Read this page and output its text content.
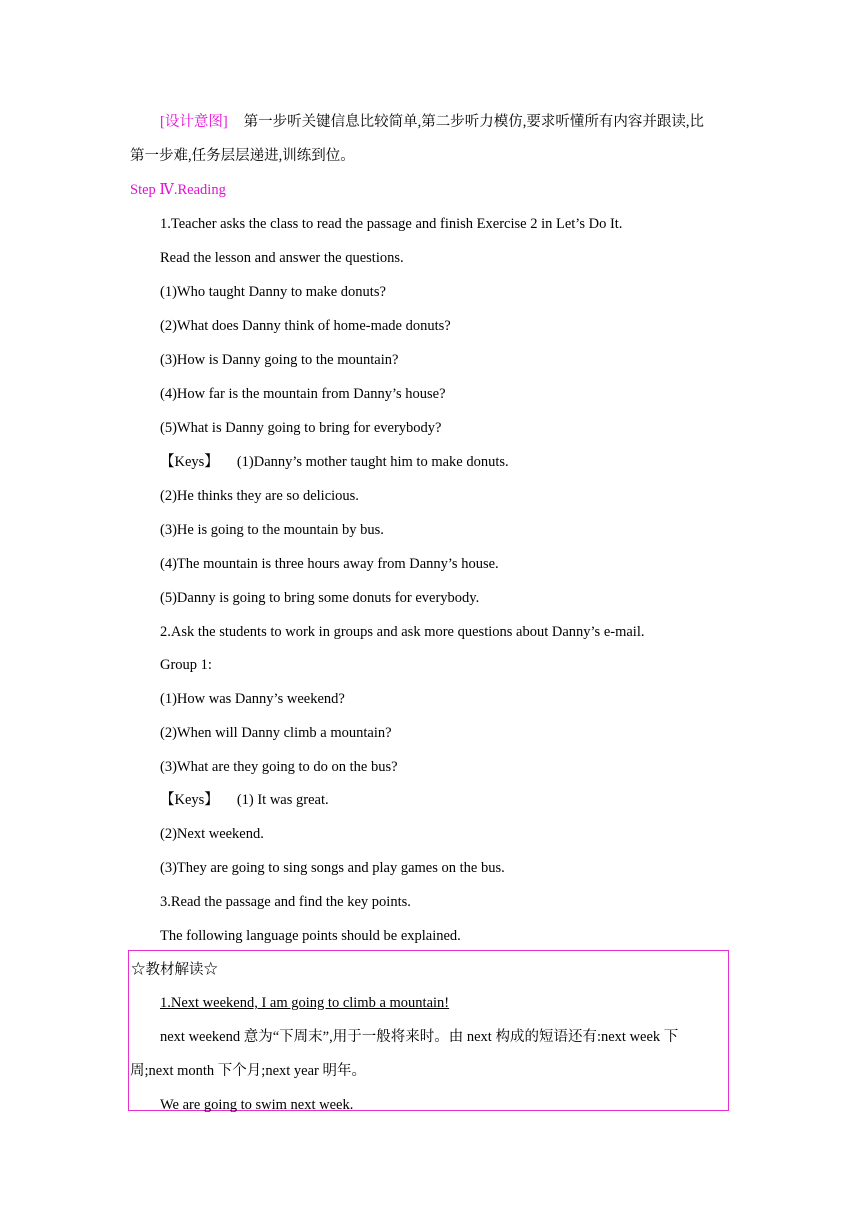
[设计意图] 第一步听关键信息比较简单,第二步听力模仿,要求听懂所有内容并跟读,比
第一步难,任务层层递进,训练到位。
Step Ⅳ.Reading
1.Teacher asks the class to read the passage and finish Exercise 2 in Let’s Do It.
Read the lesson and answer the questions.
(1)Who taught Danny to make donuts?
(2)What does Danny think of home-made donuts?
(3)How is Danny going to the mountain?
(4)How far is the mountain from Danny’s house?
(5)What is Danny going to bring for everybody?
【Keys】 (1)Danny’s mother taught him to make donuts.
(2)He thinks they are so delicious.
(3)He is going to the mountain by bus.
(4)The mountain is three hours away from Danny’s house.
(5)Danny is going to bring some donuts for everybody.
2.Ask the students to work in groups and ask more questions about Danny’s e-mail.
Group 1:
(1)How was Danny’s weekend?
(2)When will Danny climb a mountain?
(3)What are they going to do on the bus?
【Keys】 (1) It was great.
(2)Next weekend.
(3)They are going to sing songs and play games on the bus.
3.Read the passage and find the key points.
The following language points should be explained.
☆教材解读☆
1.Next weekend, I am going to climb a mountain!
next weekend 意为“下周末”,用于一般将来时。由 next 构成的短语还有:next week 下
周;next month 下个月;next year 明年。
We are going to swim next week.
